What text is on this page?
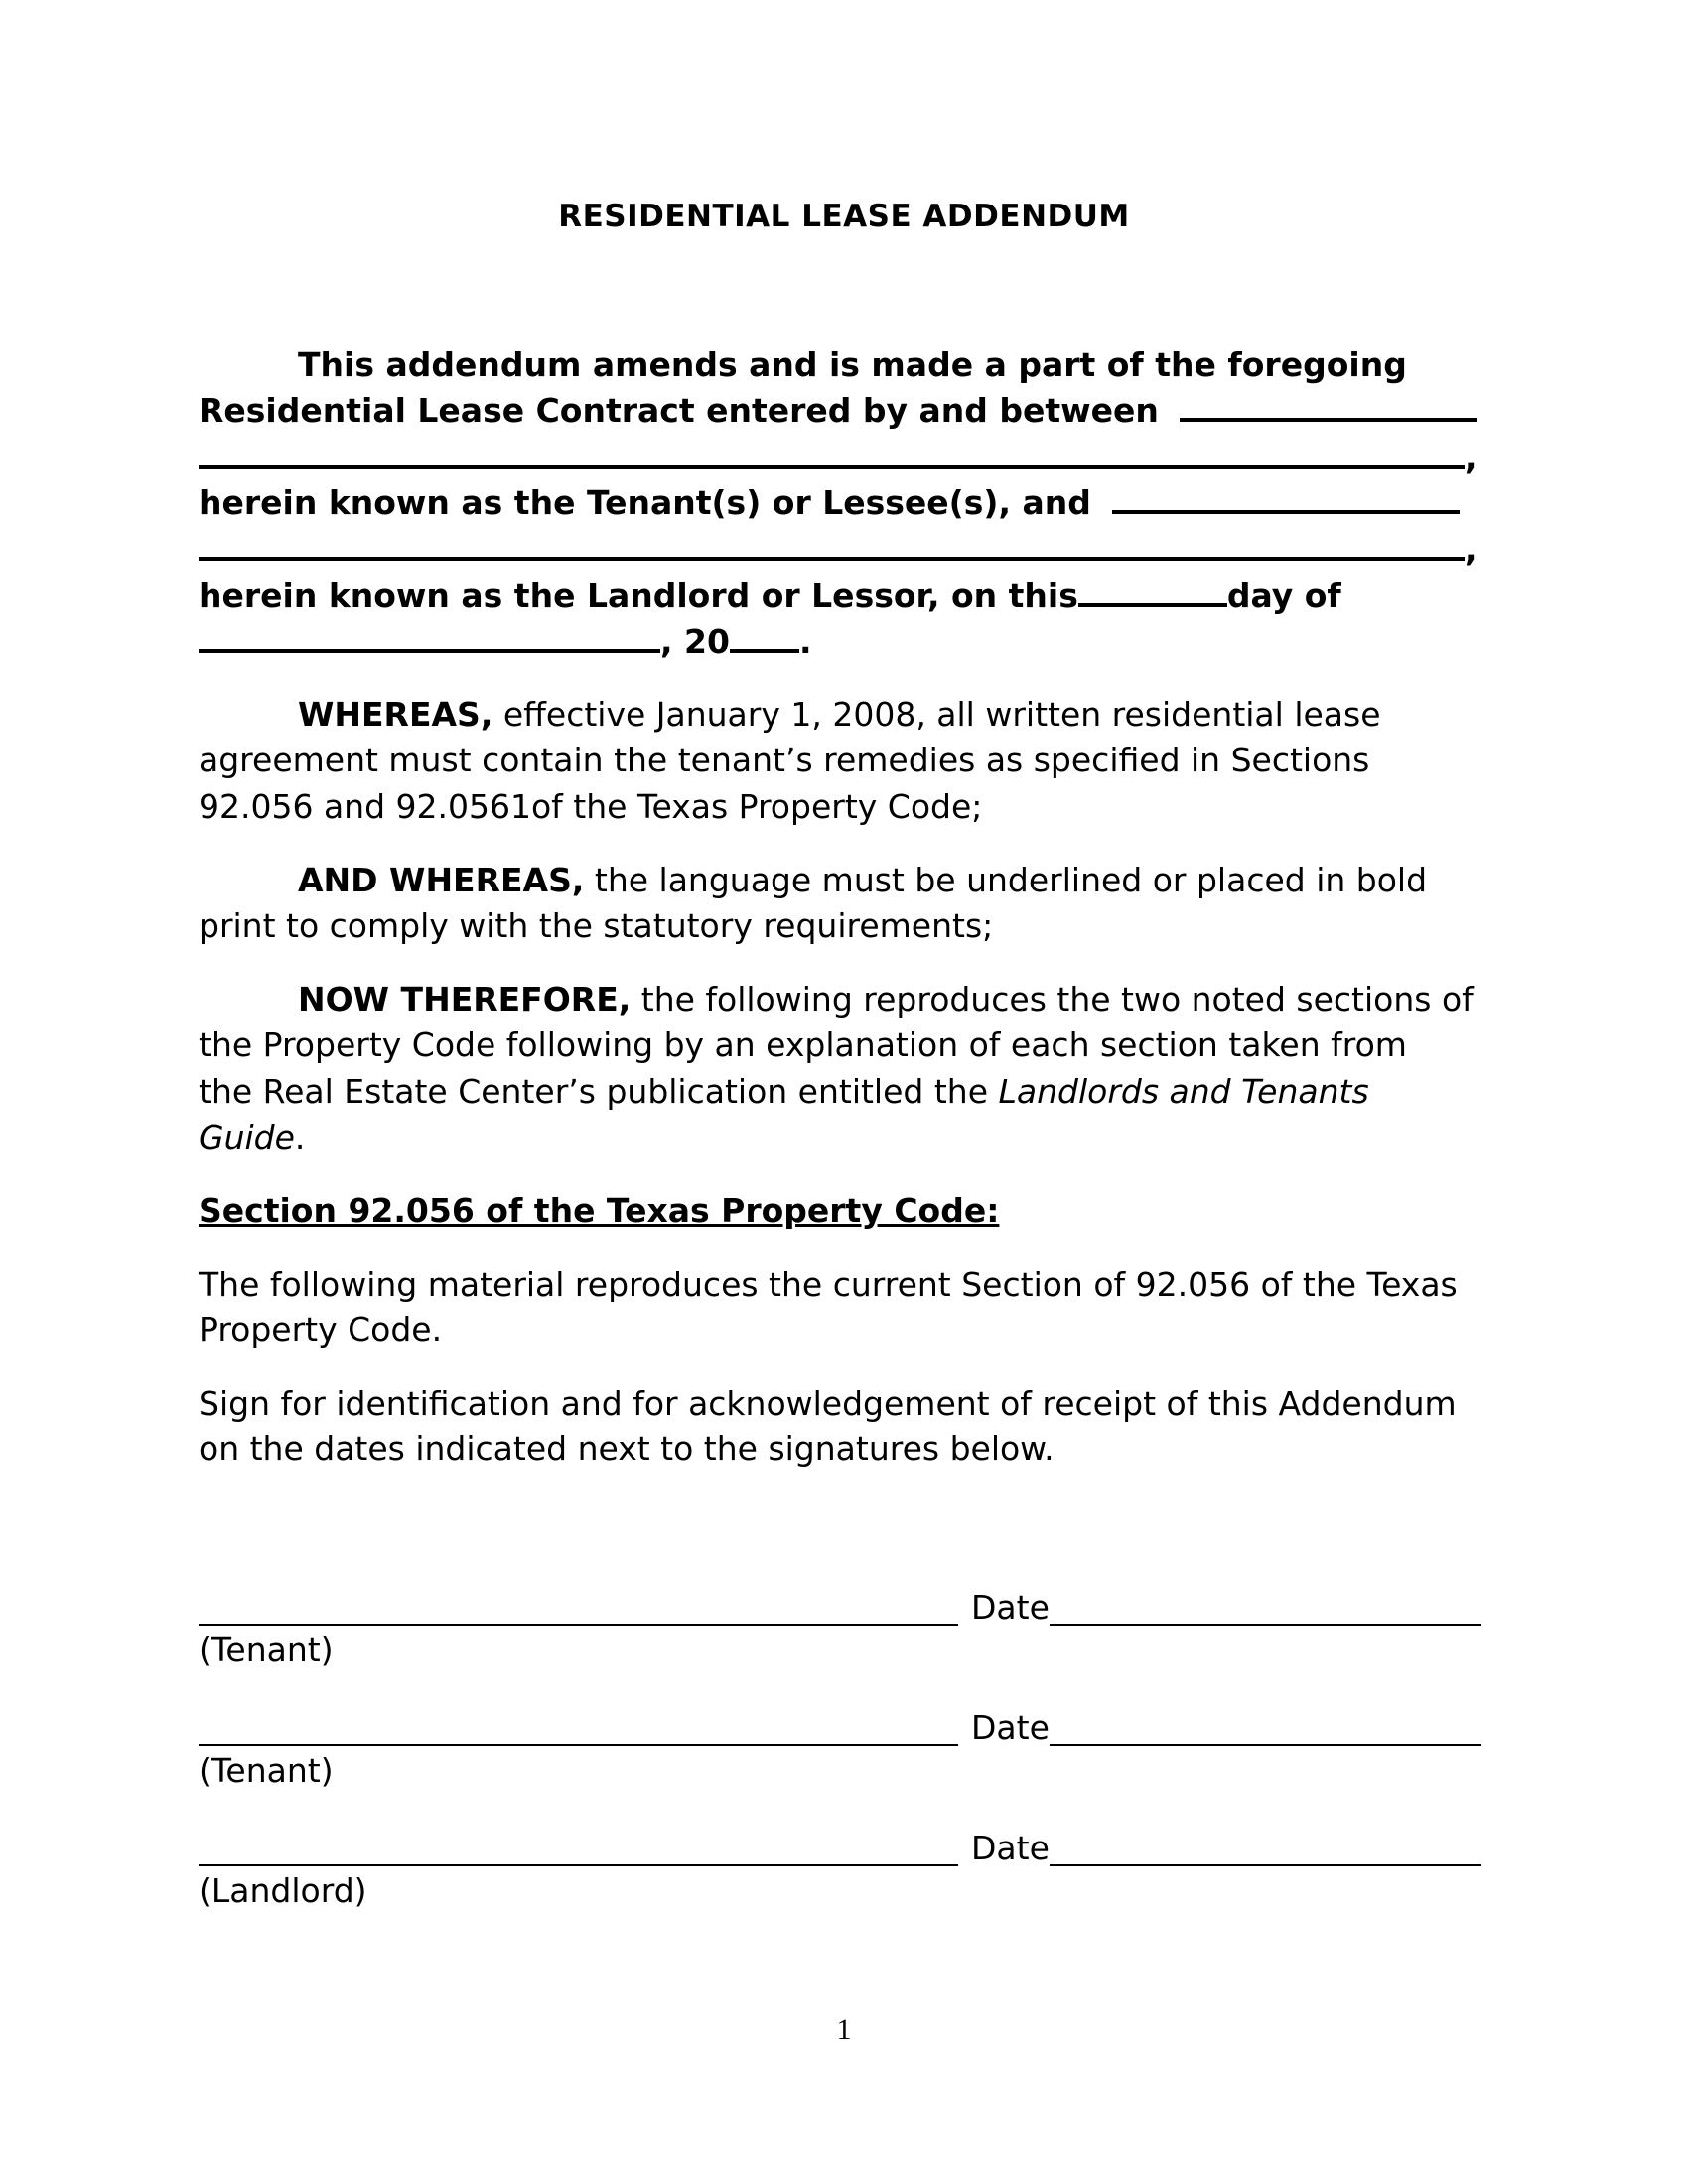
RESIDENTIAL LEASE ADDENDUM
This addendum amends and is made a part of the foregoing
Residential Lease Contract entered by and between
,
herein known as the Tenant(s) or Lessee(s), and
,
herein known as the Landlord or Lessor, on this	day of
, 20 .
WHEREAS, effective January 1, 2008, all written residential lease
agreement must contain the tenant’s remedies as specified in Sections
92.056 and 92.0561of the Texas Property Code;
AND WHEREAS, the language must be underlined or placed in bold
print to comply with the statutory requirements;
NOW THEREFORE, the following reproduces the two noted sections of
the Property Code following by an explanation of each section taken from
the Real Estate Center’s publication entitled the Landlords and Tenants
Guide.
Section 92.056 of the Texas Property Code:
The following material reproduces the current Section of 92.056 of the Texas
Property Code.
Sign for identification and for acknowledgement of receipt of this Addendum
on the dates indicated next to the signatures below.
Date
(Tenant)
Date
(Tenant)
Date
(Landlord)
1
